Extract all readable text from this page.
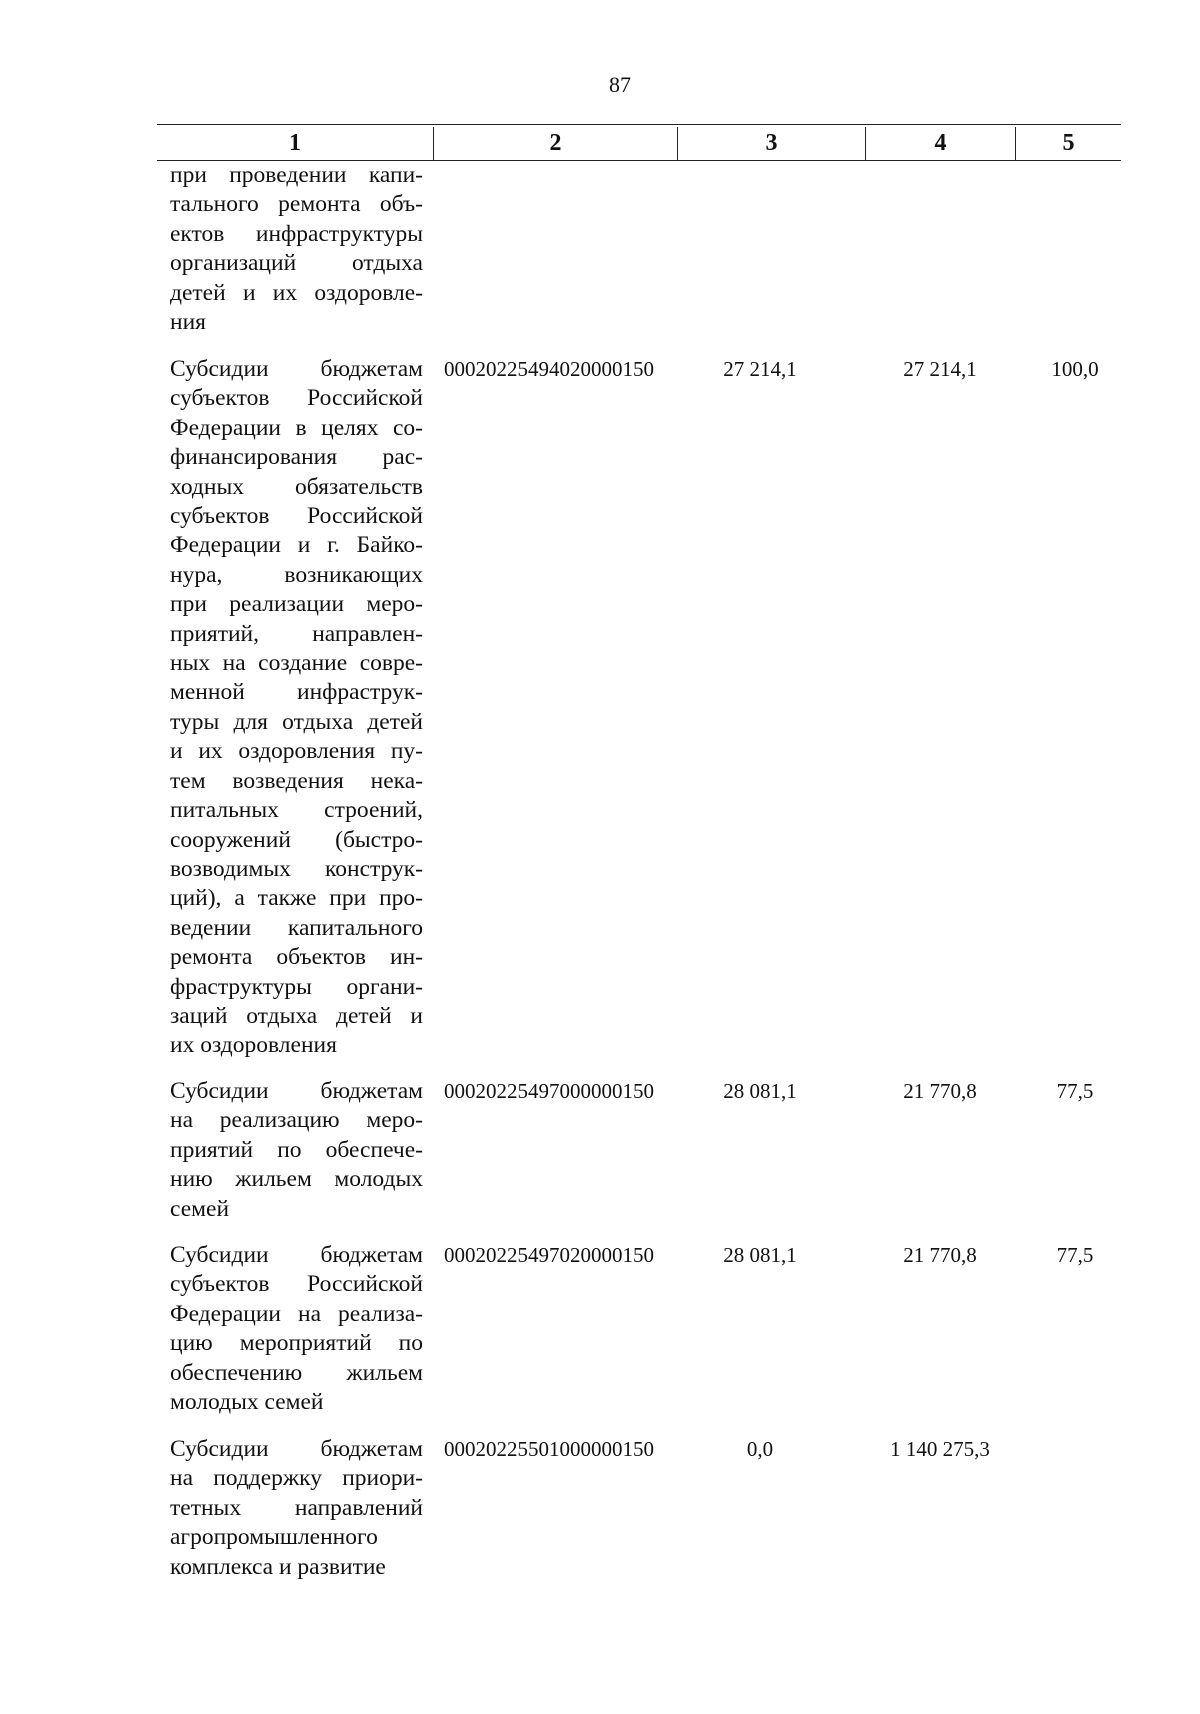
87
1	2	3	4	5
при проведении капи-
тального ремонта объ-
ектов инфраструктуры
организаций отдыха
детей и их оздоровле-
ния
Субсидии бюджетам
субъектов Российской
Федерации в целях со-
финансирования рас-
ходных обязательств
субъектов Российской
Федерации и г. Байко-
нура, возникающих
при реализации меро-
приятий, направлен-
ных на создание совре-
менной инфраструк-
туры для отдыха детей
и их оздоровления пу-
тем возведения нека-
питальных строений,
сооружений (быстро-
возводимых конструк-
ций), а также при про-
ведении капитального
ремонта объектов ин-
фраструктуры органи-
заций отдыха детей и
их оздоровления
00020225494020000150	27 214,1	27 214,1	100,0
Субсидии бюджетам
на реализацию меро-
приятий по обеспече-
нию жильем молодых
семей
00020225497000000150	28 081,1	21 770,8	77,5
Субсидии бюджетам
субъектов Российской
Федерации на реализа-
цию мероприятий по
обеспечению жильем
молодых семей
00020225497020000150	28 081,1	21 770,8	77,5
Субсидии бюджетам
на поддержку приори-
тетных направлений
агропромышленного
комплекса и развитие
00020225501000000150	0,0	1 140 275,3
